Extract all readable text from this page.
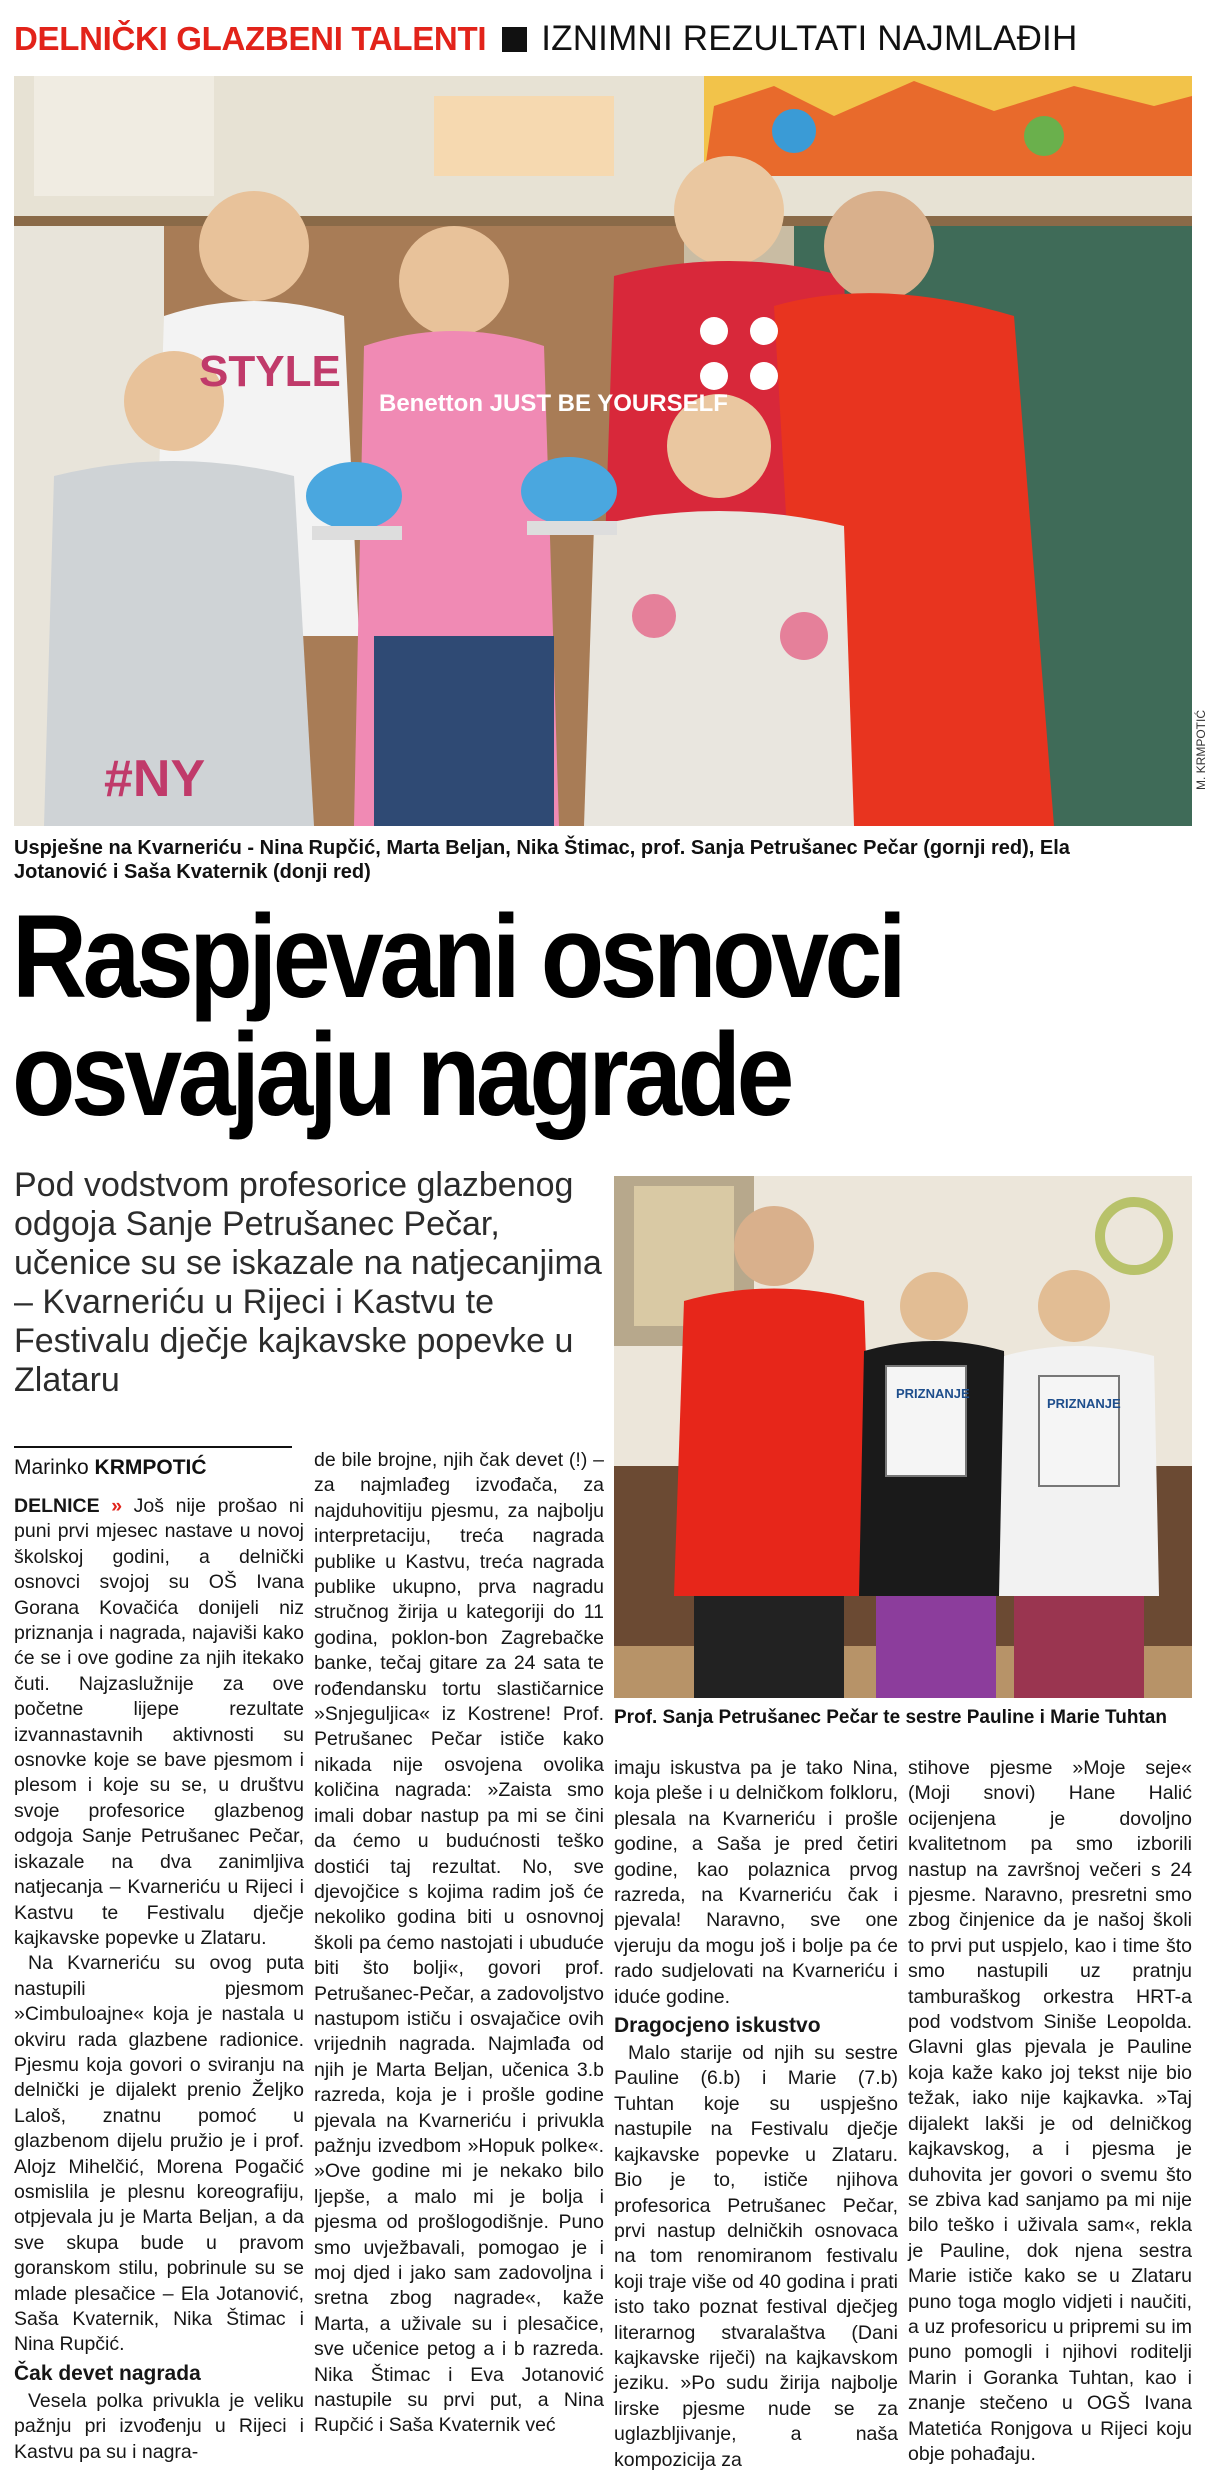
DELNIČKI GLAZBENI TALENTI IZNIMNI REZULTATI NAJMLAĐIH
STYLE
Benetton JUST BE YOURSELF
#NY	M. KRMPOTIĆ
Uspješne na Kvarneriću - Nina Rupčić, Marta Beljan, Nika Štimac, prof. Sanja Petrušanec Pečar (gornji red), Ela Jotanović i Saša Kvaternik (donji red)
Raspjevani osnovci
osvajaju nagrade
Pod vodstvom profesorice glazbenog odgoja Sanje Petrušanec Pečar, učenice su se iskazale na natjecanjima – Kvarneriću u Rijeci i Kastvu te Festivalu dječje kajkavske popevke u Zlataru
Marinko KRMPOTIĆ
PRIZNANJE
PRIZNANJE
Prof. Sanja Petrušanec Pečar te sestre Pauline i Marie Tuhtan

DELNICE » Još nije prošao ni puni prvi mjesec nastave u novoj školskoj godini, a delnički osnovci svojoj su OŠ Ivana Gorana Kovačića donijeli niz priznanja i nagrada, najaviši kako će se i ove godine za njih itekako čuti. Najzaslužnije za ove početne lijepe rezultate izvannastavnih aktivnosti su osnovke koje se bave pjesmom i plesom i koje su se, u društvu svoje profesorice glazbenog odgoja Sanje Petrušanec Pečar, iskazale na dva zanimljiva natjecanja – Kvarneriću u Rijeci i Kastvu te Festivalu dječje kajkavske popevke u Zlataru.

Na Kvarneriću su ovog puta nastupili pjesmom »Cimbuloajne« koja je nastala u okviru rada glazbene radionice. Pjesmu koja govori o sviranju na delnički je dijalekt prenio Željko Lalоš, znatnu pomoć u glazbenom dijelu pružio je i prof. Alojz Mihelčić, Morena Pogačić osmislila je plesnu koreografiju, otpjevala ju je Marta Beljan, a da sve skupa bude u pravom goranskom stilu, pobrinule su se mlade plesačice – Ela Jotanović, Saša Kvaternik, Nika Štimac i Nina Rupčić.

Čak devet nagrada

Vesela polka privukla je veliku pažnju pri izvođenju u Rijeci i Kastvu pa su i nagra-

de bile brojne, njih čak devet (!) – za najmlađeg izvođača, za najduhovitiju pjesmu, za najbolju interpretaciju, treća nagrada publike u Kastvu, treća nagrada publike ukupno, prva nagradu stručnog žirija u kategoriji do 11 godina, poklon-bon Zagrebačke banke, tečaj gitare za 24 sata te rođendansku tortu slastičarnice »Snjeguljica« iz Kostrene! Prof. Petrušanec Pečar ističe kako nikada nije osvojena ovolika količina nagrada: »Zaista smo imali dobar nastup pa mi se čini da ćemo u budućnosti teško dostići taj rezultat. No, sve djevojčice s kojima radim još će nekoliko godina biti u osnovnoj školi pa ćemo nastojati i ubuduće biti što bolji«, govori prof. Petrušanec-Pečar, a zadovoljstvo nastupom ističu i osvajačice ovih vrijednih nagrada. Najmlađa od njih je Marta Beljan, učenica 3.b razreda, koja je i prošle godine pjevala na Kvarneriću i privukla pažnju izvedbom »Hopuk polke«. »Ove godine mi je nekako bilo ljepše, a malo mi je bolja i pjesma od prošlogodišnje. Puno smo uvježbavali, pomogao je i moj djed i jako sam zadovoljna i sretna zbog nagrade«, kaže Marta, a uživale su i plesačice, sve učenice petog a i b razreda. Nika Štimac i Eva Jotanović nastupile su prvi put, a Nina Rupčić i Saša Kvaternik već

imaju iskustva pa je tako Nina, koja pleše i u delničkom folkloru, plesala na Kvarneriću i prošle godine, a Saša je pred četiri godine, kao polaznica prvog razreda, na Kvarneriću čak i pjevala! Naravno, sve one vjeruju da mogu još i bolje pa će rado sudjelovati na Kvarneriću i iduće godine.

Dragocjeno iskustvo

Malo starije od njih su sestre Pauline (6.b) i Marie (7.b) Tuhtan koje su uspješno nastupile na Festivalu dječje kajkavske popevke u Zlataru. Bio je to, ističe njihova profesorica Petrušanec Pečar, prvi nastup delničkih osnovaca na tom renomiranom festivalu koji traje više od 40 godina i prati isto tako poznat festival dječjeg literarnog stvaralaštva (Dani kajkavske riječi) na kajkavskom jeziku. »Po sudu žirija najbolje lirske pjesme nude se za uglazbljivanje, a naša kompozicija za

stihove pjesme »Moje seje« (Moji snovi) Hane Halić ocijenjena je dovoljno kvalitetnom pa smo izborili nastup na završnoj večeri s 24 pjesme. Naravno, presretni smo zbog činjenice da je našoj školi to prvi put uspjelo, kao i time što smo nastupili uz pratnju tamburaškog orkestra HRT-a pod vodstvom Siniše Leopolda. Glavni glas pjevala je Pauline koja kaže kako joj tekst nije bio težak, iako nije kajkavka. »Taj dijalekt lakši je od delničkog kajkavskog, a i pjesma je duhovita jer govori o svemu što se zbiva kad sanjamo pa mi nije bilo teško i uživala sam«, rekla je Pauline, dok njena sestra Marie ističe kako se u Zlataru puno toga moglo vidjeti i naučiti, a uz profesoricu u pripremi su im puno pomogli i njihovi roditelji Marin i Goranka Tuhtan, kao i znanje stečeno u OGŠ Ivana Matetića Ronjgova u Rijeci koju obje pohađaju.
